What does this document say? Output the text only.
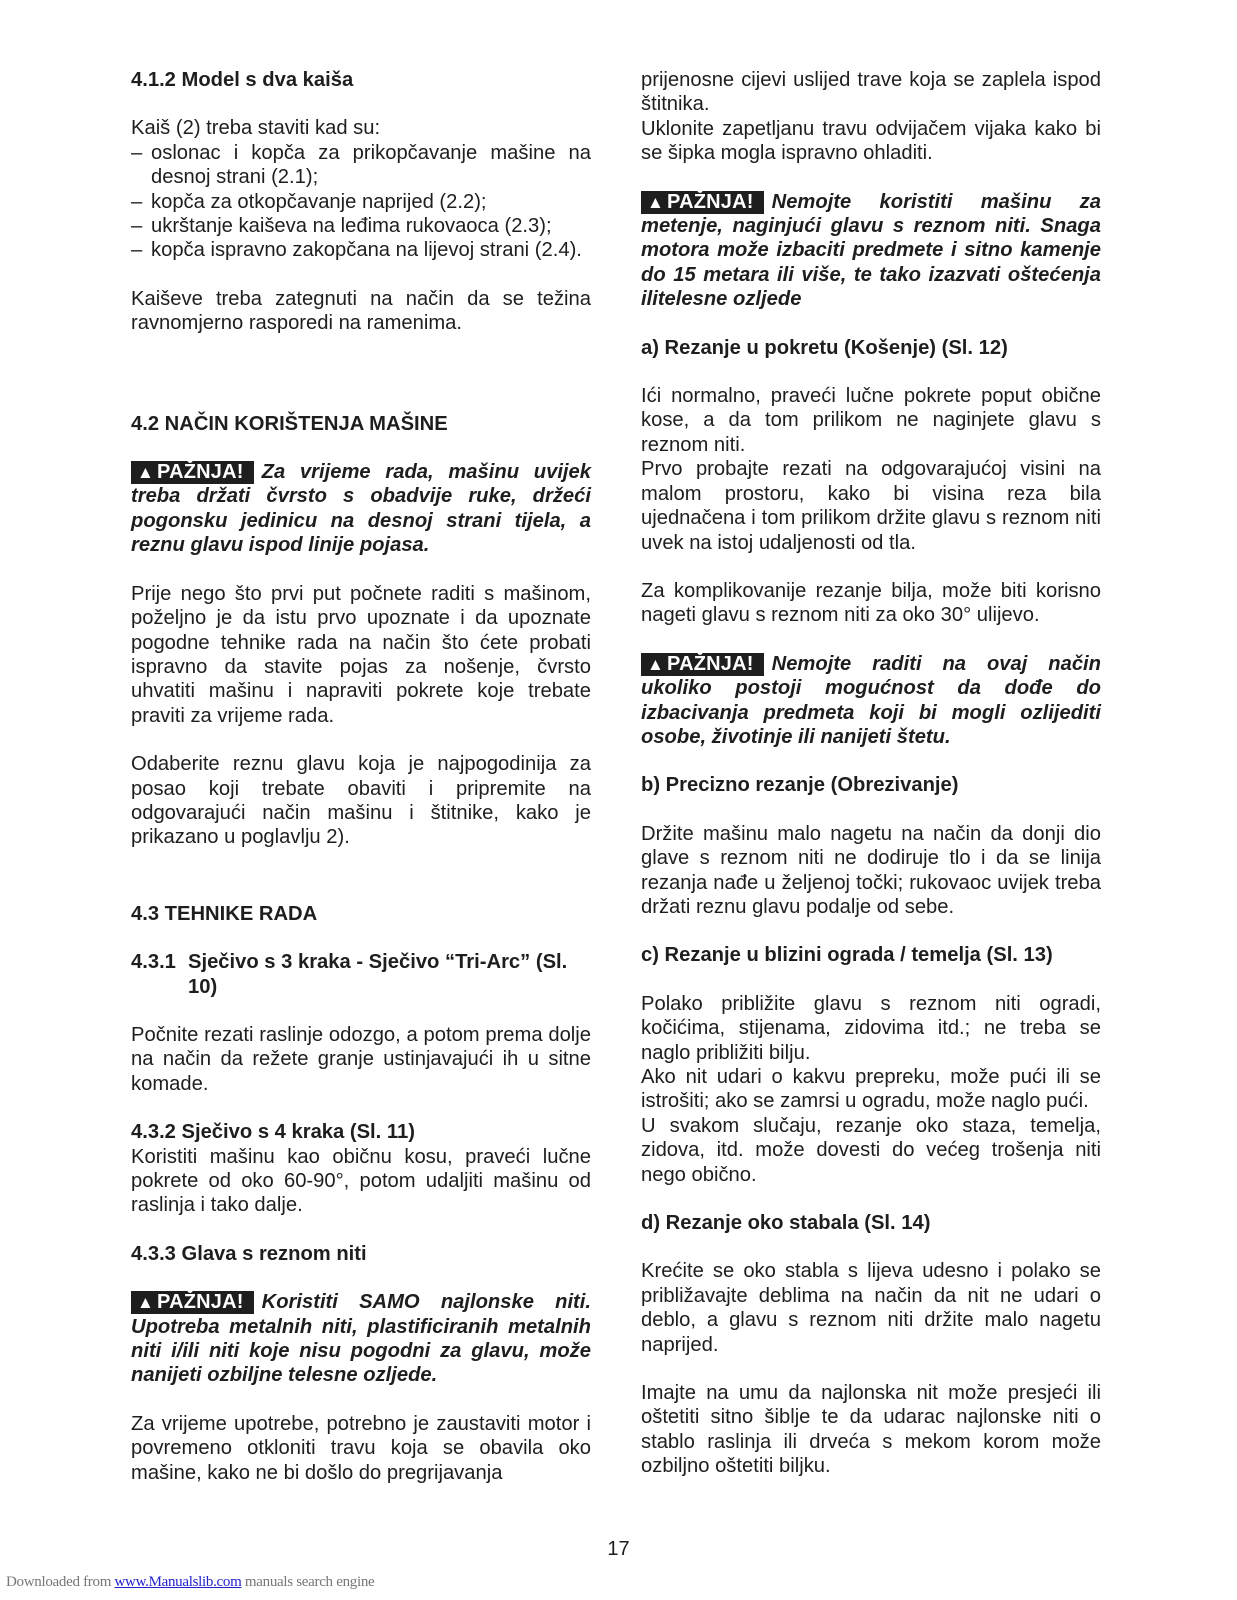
4.1.2 Model s dva kaiša

Kaiš (2) treba staviti kad su:

– oslonac i kopča za prikopčavanje mašine na desnoj strani (2.1);
– kopča za otkopčavanje naprijed (2.2);
– ukrštanje kaiševa na leđima rukovaoca (2.3);
– kopča ispravno zakopčana na lijevoj strani (2.4).

Kaiševe treba zategnuti na način da se težina ravnomjerno rasporedi na ramenima.

4.2 NAČIN KORIŠTENJA MAŠINE

▲ PAŽNJA! Za vrijeme rada, mašinu uvijek treba držati čvrsto s obadvije ruke, držeći pogonsku jedinicu na desnoj strani tijela, a reznu glavu ispod linije pojasa.

Prije nego što prvi put počnete raditi s mašinom, poželjno je da istu prvo upoznate i da upoznate pogodne tehnike rada na način što ćete probati ispravno da stavite pojas za nošenje, čvrsto uhvatiti mašinu i napraviti pokrete koje trebate praviti za vrijeme rada.

Odaberite reznu glavu koja je najpogodinija za posao koji trebate obaviti i pripremite na odgovarajući način mašinu i štitnike, kako je prikazano u poglavlju 2).

4.3 TEHNIKE RADA

4.3.1 Sječivo s 3 kraka - Sječivo “Tri-Arc” (Sl. 10)

Počnite rezati raslinje odozgo, a potom prema dolje na način da režete granje ustinjavajući ih u sitne komade.

4.3.2 Sječivo s 4 kraka (Sl. 11)

Koristiti mašinu kao običnu kosu, praveći lučne pokrete od oko 60-90°, potom udaljiti mašinu od raslinja i tako dalje.

4.3.3 Glava s reznom niti

▲ PAŽNJA! Koristiti SAMO najlonske niti. Upotreba metalnih niti, plastificiranih metalnih niti i/ili niti koje nisu pogodni za glavu, može nanijeti ozbiljne telesne ozljede.

Za vrijeme upotrebe, potrebno je zaustaviti motor i povremeno otkloniti travu koja se obavila oko mašine, kako ne bi došlo do pregrijavanja

prijenosne cijevi uslijed trave koja se zaplela ispod štitnika.

Uklonite zapetljanu travu odvijačem vijaka kako bi se šipka mogla ispravno ohladiti.

▲ PAŽNJA! Nemojte koristiti mašinu za metenje, naginjući glavu s reznom niti. Snaga motora može izbaciti predmete i sitno kamenje do 15 metara ili više, te tako izazvati oštećenja ilitelesne ozljede

a) Rezanje u pokretu (Košenje) (Sl. 12)

Ići normalno, praveći lučne pokrete poput obične kose, a da tom prilikom ne naginjete glavu s reznom niti.

Prvo probajte rezati na odgovarajućoj visini na malom prostoru, kako bi visina reza bila ujednačena i tom prilikom držite glavu s reznom niti uvek na istoj udaljenosti od tla.

Za komplikovanije rezanje bilja, može biti korisno nageti glavu s reznom niti za oko 30° ulijevo.

▲ PAŽNJA! Nemojte raditi na ovaj način ukoliko postoji mogućnost da dođe do izbacivanja predmeta koji bi mogli ozlijediti osobe, životinje ili nanijeti štetu.

b) Precizno rezanje (Obrezivanje)

Držite mašinu malo nagetu na način da donji dio glave s reznom niti ne dodiruje tlo i da se linija rezanja nađe u željenoj točki; rukovaoc uvijek treba držati reznu glavu podalje od sebe.

c) Rezanje u blizini ograda / temelja (Sl. 13)

Polako približite glavu s reznom niti ogradi, kočićima, stijenama, zidovima itd.; ne treba se naglo približiti bilju.

Ako nit udari o kakvu prepreku, može pući ili se istrošiti; ako se zamrsi u ogradu, može naglo pući.

U svakom slučaju, rezanje oko staza, temelja, zidova, itd. može dovesti do većeg trošenja niti nego obično.

d) Rezanje oko stabala (Sl. 14)

Krećite se oko stabla s lijeva udesno i polako se približavajte deblima na način da nit ne udari o deblo, a glavu s reznom niti držite malo nagetu naprijed.

Imajte na umu da najlonska nit može presjeći ili oštetiti sitno šiblje te da udarac najlonske niti o stablo raslinja ili drveća s mekom korom može ozbiljno oštetiti biljku.

17
Downloaded from www.Manualslib.com manuals search engine
